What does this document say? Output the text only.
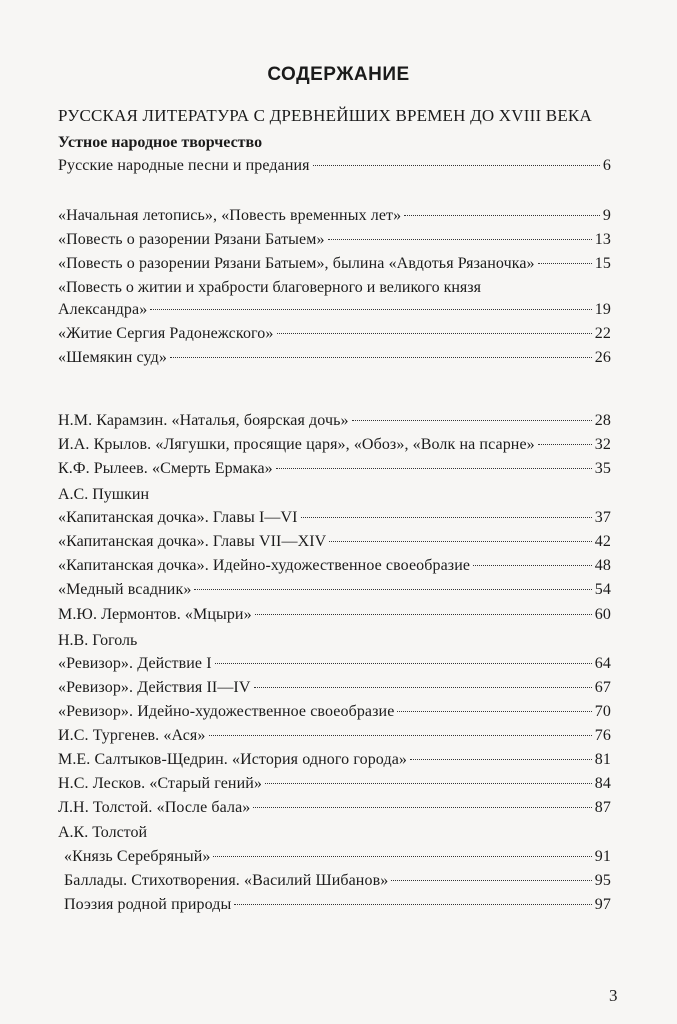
СОДЕРЖАНИЕ
РУССКАЯ ЛИТЕРАТУРА С ДРЕВНЕЙШИХ ВРЕМЕН ДО XVIII ВЕКА
Устное народное творчество
Русские народные песни и предания	6
«Начальная летопись», «Повесть временных лет»	9
«Повесть о разорении Рязани Батыем»	13
«Повесть о разорении Рязани Батыем», былина «Авдотья Рязаночка»	15
«Повесть о житии и храбрости благоверного и великого князя
Александра»	19
«Житие Сергия Радонежского»	22
«Шемякин суд»	26
Н.М. Карамзин. «Наталья, боярская дочь»	28
И.А. Крылов. «Лягушки, просящие царя», «Обоз», «Волк на псарне»	32
К.Ф. Рылеев. «Смерть Ермака»	35
А.С. Пушкин
«Капитанская дочка». Главы I—VI	37
«Капитанская дочка». Главы VII—XIV	42
«Капитанская дочка». Идейно-художественное своеобразие	48
«Медный всадник»	54
М.Ю. Лермонтов. «Мцыри»	60
Н.В. Гоголь
«Ревизор». Действие I	64
«Ревизор». Действия II—IV	67
«Ревизор». Идейно-художественное своеобразие	70
И.С. Тургенев. «Ася»	76
М.Е. Салтыков-Щедрин. «История одного города»	81
Н.С. Лесков. «Старый гений»	84
Л.Н. Толстой. «После бала»	87
А.К. Толстой
«Князь Серебряный»	91
Баллады. Стихотворения. «Василий Шибанов»	95
Поэзия родной природы	97
3
